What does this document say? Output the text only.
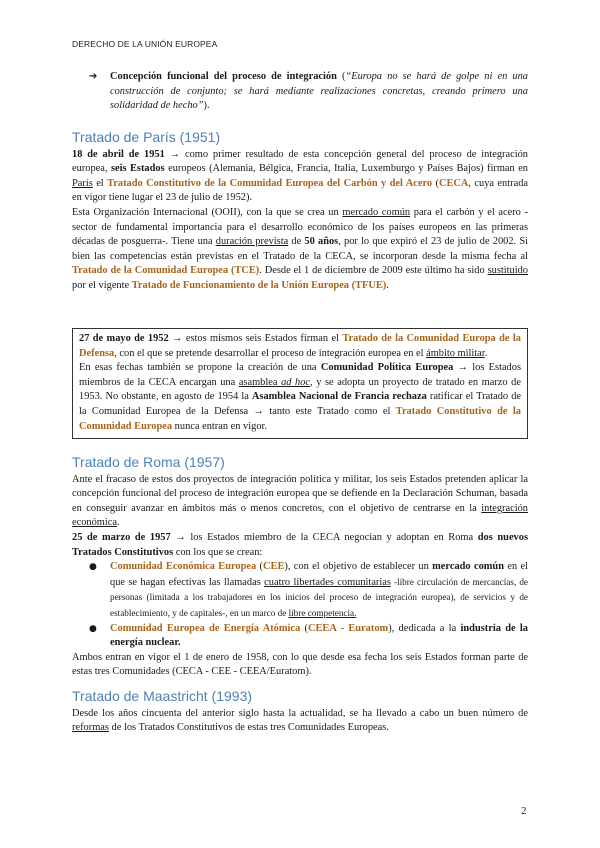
DERECHO DE LA UNIÓN EUROPEA

➔ Concepción funcional del proceso de integración (“Europa no se hará de golpe ni en una construcción de conjunto; se hará mediante realizaciones concretas, creando primero una solidaridad de hecho”).

Tratado de París (1951)

18 de abril de 1951 → como primer resultado de esta concepción general del proceso de integración europea, seis Estados europeos (Alemania, Bélgica, Francia, Italia, Luxemburgo y Países Bajos) firman en París el Tratado Constitutivo de la Comunidad Europea del Carbón y del Acero (CECA, cuya entrada en vigor tiene lugar el 23 de julio de 1952).

Esta Organización Internacional (OOII), con la que se crea un mercado común para el carbón y el acero -sector de fundamental importancia para el desarrollo económico de los países europeos en las primeras décadas de posguerra-. Tiene una duración prevista de 50 años, por lo que expiró el 23 de julio de 2002. Si bien las competencias están previstas en el Tratado de la CECA, se incorporan desde la misma fecha al Tratado de la Comunidad Europea (TCE). Desde el 1 de diciembre de 2009 este último ha sido sustituido por el vigente Tratado de Funcionamiento de la Unión Europea (TFUE).

27 de mayo de 1952 → estos mismos seis Estados firman el Tratado de la Comunidad Europa de la Defensa, con el que se pretende desarrollar el proceso de integración europea en el ámbito militar.

En esas fechas también se propone la creación de una Comunidad Política Europea → los Estados miembros de la CECA encargan una asamblea ad hoc, y se adopta un proyecto de tratado en marzo de 1953. No obstante, en agosto de 1954 la Asamblea Nacional de Francia rechaza ratificar el Tratado de la Comunidad Europea de la Defensa → tanto este Tratado como el Tratado Constitutivo de la Comunidad Europea nunca entran en vigor.

Tratado de Roma (1957)

Ante el fracaso de estos dos proyectos de integración política y militar, los seis Estados pretenden aplicar la concepción funcional del proceso de integración europea que se defiende en la Declaración Schuman, basada en conseguir avanzar en ámbitos más o menos concretos, con el objetivo de centrarse en la integración económica.

25 de marzo de 1957 → los Estados miembro de la CECA negocian y adoptan en Roma dos nuevos Tratados Constitutivos con los que se crean:

● Comunidad Económica Europea (CEE), con el objetivo de establecer un mercado común en el que se hagan efectivas las llamadas cuatro libertades comunitarias -libre circulación de mercancías, de personas (limitada a los trabajadores en los inicios del proceso de integración europea), de servicios y de establecimiento, y de capitales-, en un marco de libre competencia.
● Comunidad Europea de Energía Atómica (CEEA - Euratom), dedicada a la industria de la energía nuclear.

Ambos entran en vigor el 1 de enero de 1958, con lo que desde esa fecha los seis Estados forman parte de estas tres Comunidades (CECA - CEE - CEEA/Euratom).

Tratado de Maastricht (1993)

Desde los años cincuenta del anterior siglo hasta la actualidad, se ha llevado a cabo un buen número de reformas de los Tratados Constitutivos de estas tres Comunidades Europeas.

2
